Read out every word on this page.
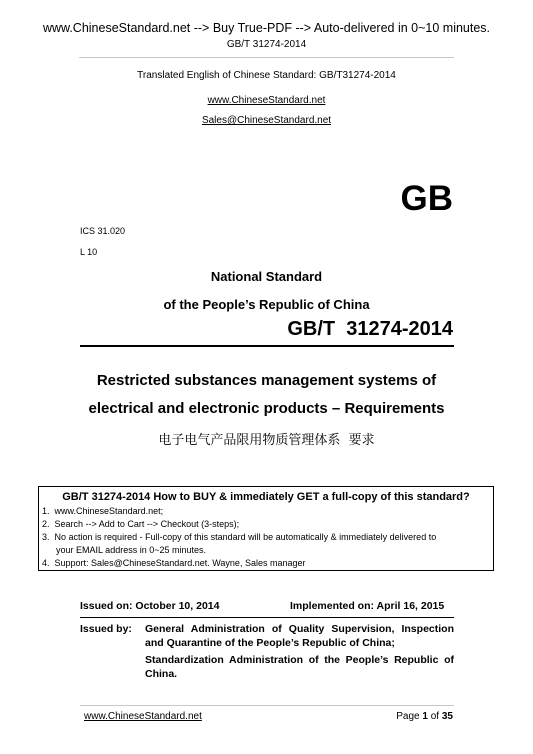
www.ChineseStandard.net --> Buy True-PDF --> Auto-delivered in 0~10 minutes.
GB/T 31274-2014
Translated English of Chinese Standard: GB/T31274-2014
www.ChineseStandard.net
Sales@ChineseStandard.net
GB
ICS 31.020
L 10
National Standard
of the People’s Republic of China
GB/T  31274-2014
Restricted substances management systems of
electrical and electronic products – Requirements
电子电气产品限用物质管理体系  要求
GB/T 31274-2014 How to BUY & immediately GET a full-copy of this standard?
1. www.ChineseStandard.net;
2. Search --> Add to Cart --> Checkout (3-steps);
3. No action is required - Full-copy of this standard will be automatically & immediately delivered to
your EMAIL address in 0~25 minutes.
4. Support: Sales@ChineseStandard.net. Wayne, Sales manager
Issued on: October 10, 2014	Implemented on: April 16, 2015
Issued by: General Administration of Quality Supervision, Inspection and Quarantine of the People’s Republic of China;
Standardization Administration of the People’s Republic of China.
www.ChineseStandard.net	Page 1 of 35
